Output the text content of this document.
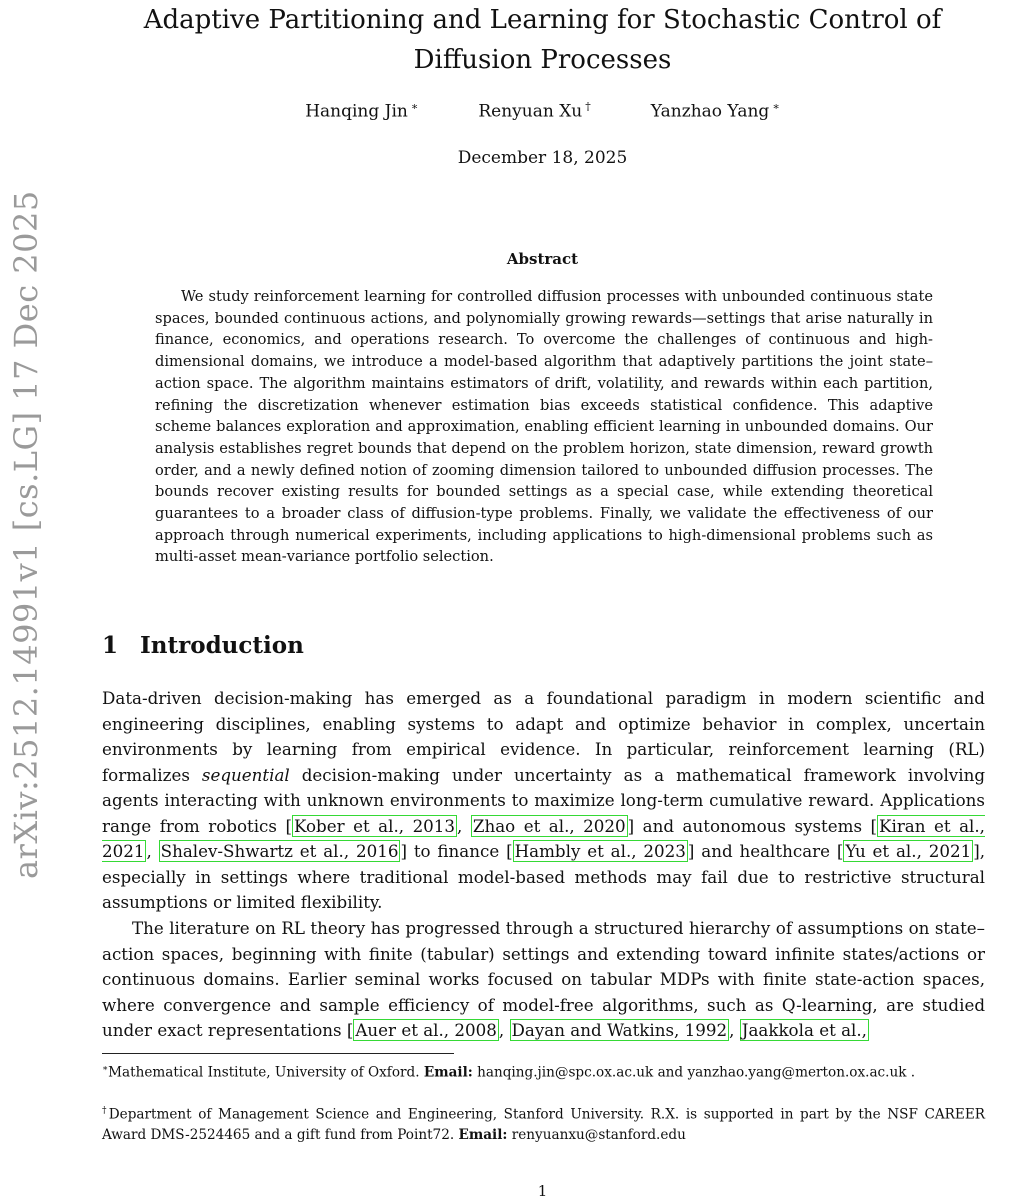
arXiv:2512.14991v1 [cs.LG] 17 Dec 2025
Adaptive Partitioning and Learning for Stochastic Control of Diffusion Processes
Hanqing Jin ∗	Renyuan Xu †	Yanzhao Yang ∗
December 18, 2025
Abstract

We study reinforcement learning for controlled diffusion processes with unbounded continuous state spaces, bounded continuous actions, and polynomially growing rewards—settings that arise naturally in finance, economics, and operations research. To overcome the challenges of continuous and high-dimensional domains, we introduce a model-based algorithm that adaptively partitions the joint state–action space. The algorithm maintains estimators of drift, volatility, and rewards within each partition, refining the discretization whenever estimation bias exceeds statistical confidence. This adaptive scheme balances exploration and approximation, enabling efficient learning in unbounded domains. Our analysis establishes regret bounds that depend on the problem horizon, state dimension, reward growth order, and a newly defined notion of zooming dimension tailored to unbounded diffusion processes. The bounds recover existing results for bounded settings as a special case, while extending theoretical guarantees to a broader class of diffusion-type problems. Finally, we validate the effectiveness of our approach through numerical experiments, including applications to high-dimensional problems such as multi-asset mean-variance portfolio selection.

1 Introduction

Data-driven decision-making has emerged as a foundational paradigm in modern scientific and engineering disciplines, enabling systems to adapt and optimize behavior in complex, uncertain environments by learning from empirical evidence. In particular, reinforcement learning (RL) formalizes sequential decision-making under uncertainty as a mathematical framework involving agents interacting with unknown environments to maximize long-term cumulative reward. Applications range from robotics [ Kober et al., 2013 , Zhao et al., 2020 ] and autonomous systems [ Kiran et al., 2021 , Shalev-Shwartz et al., 2016 ] to finance [ Hambly et al., 2023 ] and healthcare [ Yu et al., 2021 ], especially in settings where traditional model-based methods may fail due to restrictive structural assumptions or limited flexibility.

The literature on RL theory has progressed through a structured hierarchy of assumptions on state–action spaces, beginning with finite (tabular) settings and extending toward infinite states/actions or continuous domains. Earlier seminal works focused on tabular MDPs with finite state-action spaces, where convergence and sample efficiency of model-free algorithms, such as Q-learning, are studied under exact representations [ Auer et al., 2008 , Dayan and Watkins, 1992 , Jaakkola et al.,

∗Mathematical Institute, University of Oxford. Email: hanqing.jin@spc.ox.ac.uk and yanzhao.yang@merton.ox.ac.uk .

†Department of Management Science and Engineering, Stanford University. R.X. is supported in part by the NSF CAREER Award DMS-2524465 and a gift fund from Point72. Email: renyuanxu@stanford.edu

1
